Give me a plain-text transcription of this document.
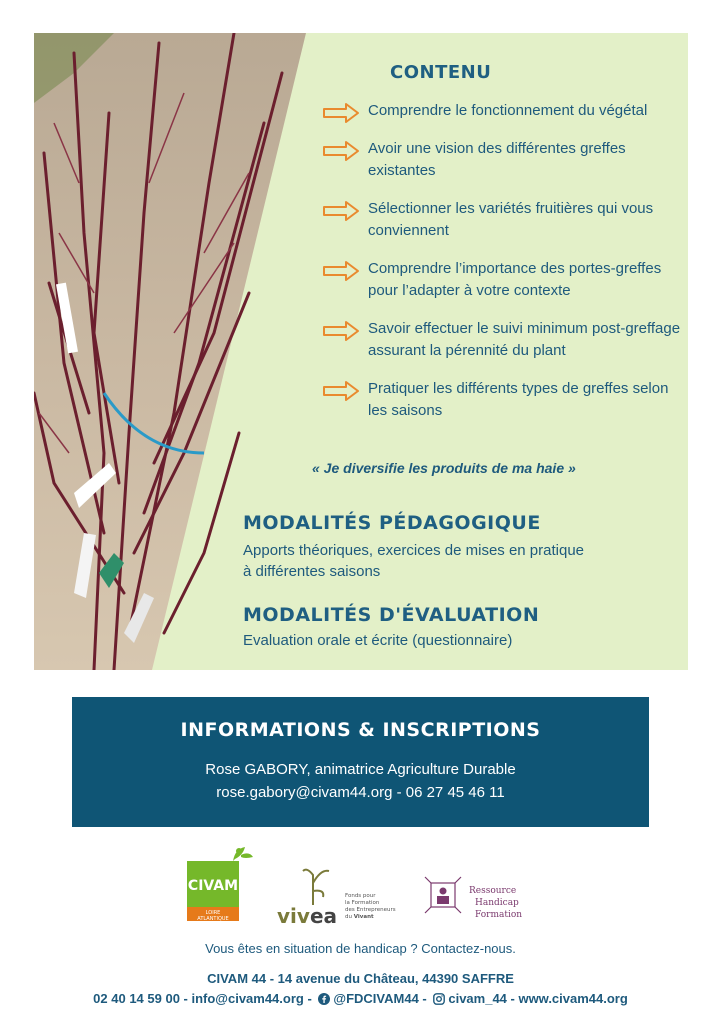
CONTENU
Comprendre le fonctionnement du végétal
Avoir une vision des différentes greffes existantes
Sélectionner les variétés fruitières qui vous conviennent
Comprendre l’importance des portes-greffes pour l’adapter à votre contexte
Savoir effectuer le suivi minimum post-greffage assurant la pérennité du plant
Pratiquer les différents types de greffes selon les saisons
« Je diversifie les produits de ma haie »
MODALITÉS PÉDAGOGIQUE
Apports théoriques, exercices de mises en pratique
à différentes saisons
MODALITÉS D'ÉVALUATION
Evaluation orale et écrite (questionnaire)
INFORMATIONS & INSCRIPTIONS
Rose GABORY, animatrice Agriculture Durable
rose.gabory@civam44.org - 06 27 45 46 11
CIVAM
LOIRE
ATLANTIQUE vivea
Fonds pour
la Formation
des Entrepreneurs
du Vivant
Ressource
Handicap
Formation
Vous êtes en situation de handicap ? Contactez-nous.
CIVAM 44 - 14 avenue du Château, 44390 SAFFRE
02 40 14 59 00 - info@civam44.org - @FDCIVAM44 - civam_44 - www.civam44.org
